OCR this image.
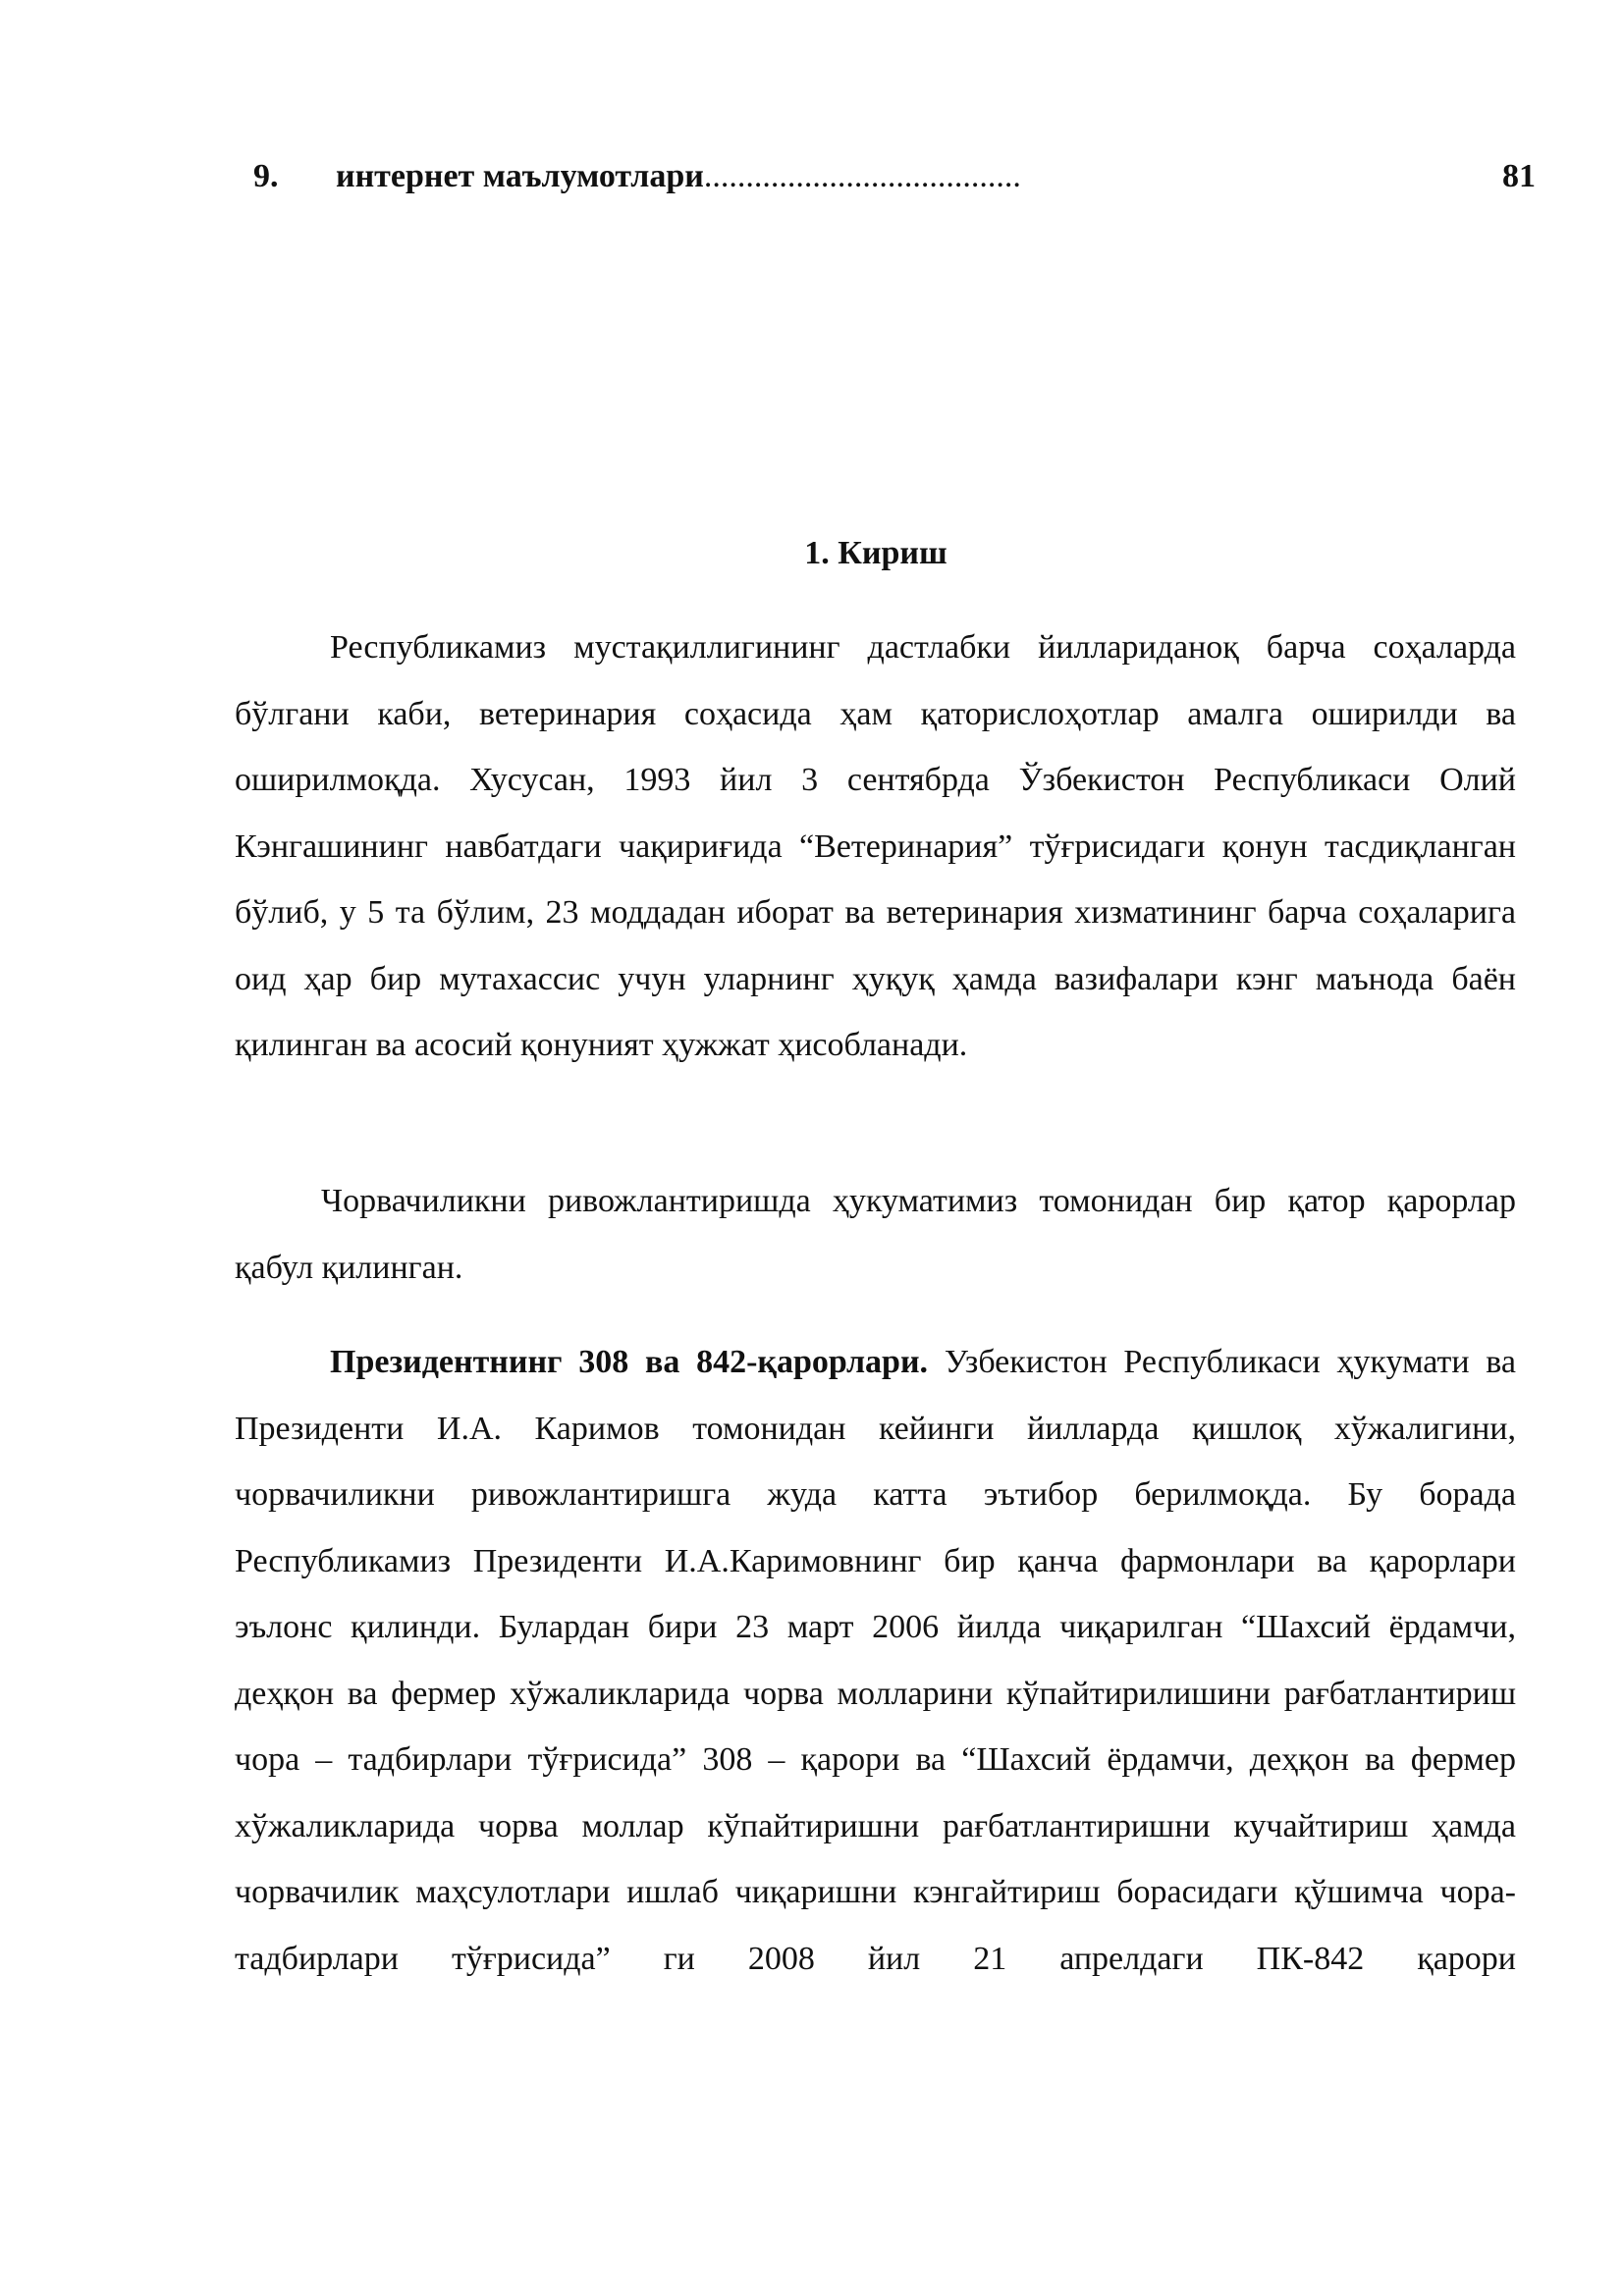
9. интернет маълумотлари......................................	81
1. Кириш

Республикамиз мустақиллигининг дастлабки йиллариданоқ барча соҳаларда бўлгани каби, ветеринария соҳасида ҳам қаторислоҳотлар амалга оширилди ва оширилмоқда. Хусусан, 1993 йил 3 сентябрда Ўзбекистон Республикаси Олий Кэнгашининг навбатдаги чақириғида “Ветеринария” тўғрисидаги қонун тасдиқланган бўлиб, у 5 та бўлим, 23 моддадан иборат ва ветеринария хизматининг барча соҳаларига оид ҳар бир мутахассис учун уларнинг ҳуқуқ ҳамда вазифалари кэнг маънода баён қилинган ва асосий қонуният ҳужжат ҳисобланади.

Чорвачиликни ривожлантиришда ҳукуматимиз томонидан бир қатор қарорлар қабул қилинган.

Президентнинг 308 ва 842-қарорлари. Узбекистон Республикаси ҳукумати ва Президенти И.А. Каримов томонидан кейинги йилларда қишлоқ хўжалигини, чорвачиликни ривожлантиришга жуда катта эътибор берилмоқда. Бу борада Республикамиз Президенти И.А.Каримовнинг бир қанча фармонлари ва қарорлари эълонс қилинди. Булардан бири 23 март 2006 йилда чиқарилган “Шахсий ёрдамчи, деҳқон ва фермер хўжаликларида чорва молларини кўпайтирилишини рағбатлантириш чора – тадбирлари тўғрисида” 308 – қарори ва “Шахсий ёрдамчи, деҳқон ва фермер хўжаликларида чорва моллар кўпайтиришни рағбатлантиришни кучайтириш ҳамда чорвачилик маҳсулотлари ишлаб чиқаришни кэнгайтириш борасидаги қўшимча чора-тадбирлари тўғрисида” ги 2008 йил 21 апрелдаги ПК-842 қарори
